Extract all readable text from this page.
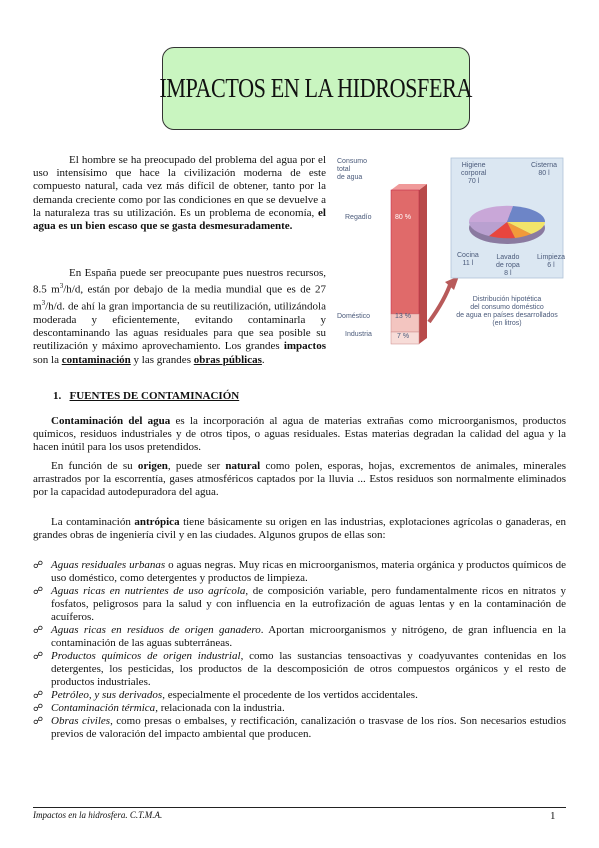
IMPACTOS EN LA HIDROSFERA
El hombre se ha preocupado del problema del agua por el uso intensísimo que hace la civilización moderna de este compuesto natural, cada vez más difícil de obtener, tanto por la demanda creciente como por las condiciones en que se devuelve a la naturaleza tras su utilización. Es un problema de economía, el agua es un bien escaso que se gasta desmesuradamente.
En España puede ser preocupante pues nuestros recursos, 8.5 $m^3/h/d$, están por debajo de la media mundial que es de 27 $m^3/h/d$. de ahí la gran importancia de su reutilización, utilizándola moderada y eficientemente, evitando contaminarla y descontaminando las aguas residuales para que sea posible su reutilización y máximo aprovechamiento. Los grandes impactos son la contaminación y las grandes obras públicas.
Consumo
total
de agua
Regadío
Doméstico
Industria
80 %
13 %
7 %
Higiene
corporal
70 l
Cisterna
80 l
Cocina
11 l
Lavado
de ropa
8 l
Limpieza
6 l
Distribución hipotética
del consumo doméstico
de agua en países desarrollados
(en litros)
1. FUENTES DE CONTAMINACIÓN
Contaminación del agua es la incorporación al agua de materias extrañas como microorganismos, productos químicos, residuos industriales y de otros tipos, o aguas residuales. Estas materias degradan la calidad del agua y la hacen inútil para los usos pretendidos.
En función de su origen, puede ser natural como polen, esporas, hojas, excrementos de animales, minerales arrastrados por la escorrentía, gases atmosféricos captados por la lluvia ... Estos residuos son normalmente eliminados por la capacidad autodepuradora del agua.
La contaminación antrópica tiene básicamente su origen en las industrias, explotaciones agrícolas o ganaderas, en grandes obras de ingeniería civil y en las ciudades. Algunos grupos de ellas son:
☍ Aguas residuales urbanas o aguas negras. Muy ricas en microorganismos, materia orgánica y productos químicos de uso doméstico, como detergentes y productos de limpieza.
☍ Aguas ricas en nutrientes de uso agrícola, de composición variable, pero fundamentalmente ricos en nitratos y fosfatos, peligrosos para la salud y con influencia en la eutrofización de aguas lentas y en la contaminación de acuíferos.
☍ Aguas ricas en residuos de origen ganadero. Aportan microorganismos y nitrógeno, de gran influencia en la contaminación de las aguas subterráneas.
☍ Productos químicos de origen industrial, como las sustancias tensoactivas y coadyuvantes contenidas en los detergentes, los pesticidas, los productos de la descomposición de otros compuestos orgánicos y el resto de productos industriales.
☍ Petróleo, y sus derivados, especialmente el procedente de los vertidos accidentales.
☍ Contaminación térmica, relacionada con la industria.
☍ Obras civiles, como presas o embalses, y rectificación, canalización o trasvase de los ríos. Son necesarios estudios previos de valoración del impacto ambiental que producen.
Impactos en la hidrosfera. C.T.M.A.	1
